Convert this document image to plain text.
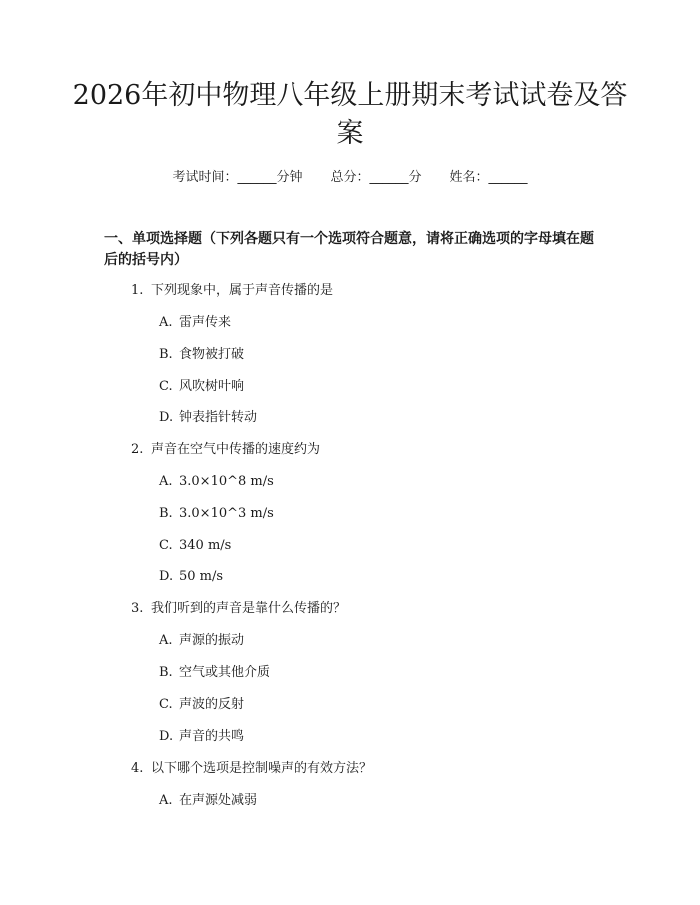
2026年初中物理八年级上册期末考试试卷及答案
考试时间：______分钟 总分：______分 姓名：______
一、单项选择题（下列各题只有一个选项符合题意，请将正确选项的字母填在题后的括号内）
1. 下列现象中，属于声音传播的是
A. 雷声传来
B. 食物被打破
C. 风吹树叶响
D. 钟表指针转动
2. 声音在空气中传播的速度约为
A. 3.0×10^8 m/s
B. 3.0×10^3 m/s
C. 340 m/s
D. 50 m/s
3. 我们听到的声音是靠什么传播的？
A. 声源的振动
B. 空气或其他介质
C. 声波的反射
D. 声音的共鸣
4. 以下哪个选项是控制噪声的有效方法？
A. 在声源处减弱
